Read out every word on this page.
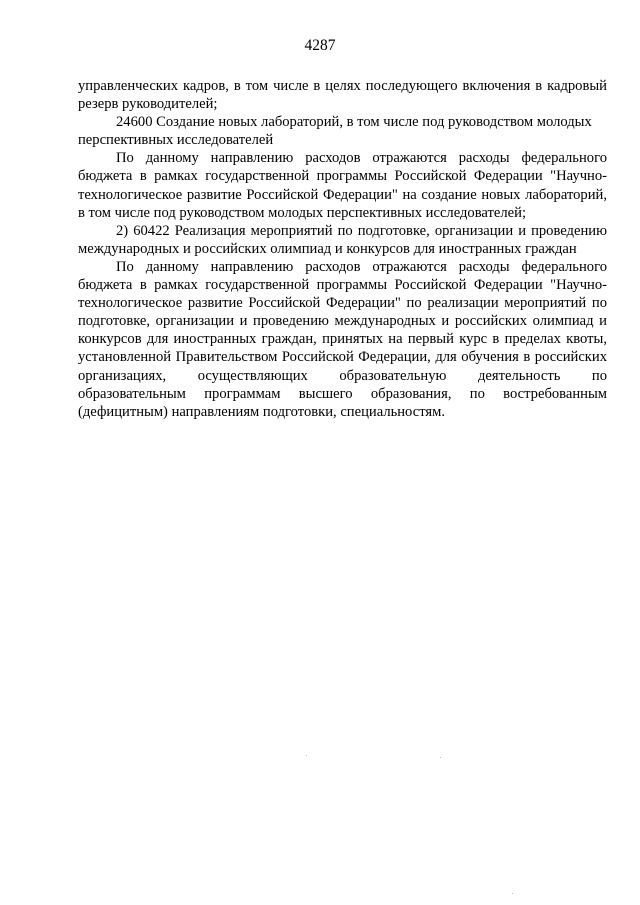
4287

управленческих кадров, в том числе в целях последующего включения в кадровый резерв руководителей;

24600 Создание новых лабораторий, в том числе под руководством молодых перспективных исследователей

По данному направлению расходов отражаются расходы федерального бюджета в рамках государственной программы Российской Федерации "Научно-технологическое развитие Российской Федерации" на создание новых лабораторий, в том числе под руководством молодых перспективных исследователей;

2) 60422 Реализация мероприятий по подготовке, организации и проведению международных и российских олимпиад и конкурсов для иностранных граждан

По данному направлению расходов отражаются расходы федерального бюджета в рамках государственной программы Российской Федерации "Научно-технологическое развитие Российской Федерации" по реализации мероприятий по подготовке, организации и проведению международных и российских олимпиад и конкурсов для иностранных граждан, принятых на первый курс в пределах квоты, установленной Правительством Российской Федерации, для обучения в российских организациях, осуществляющих образовательную деятельность по образовательным программам высшего образования, по востребованным (дефицитным) направлениям подготовки, специальностям.
